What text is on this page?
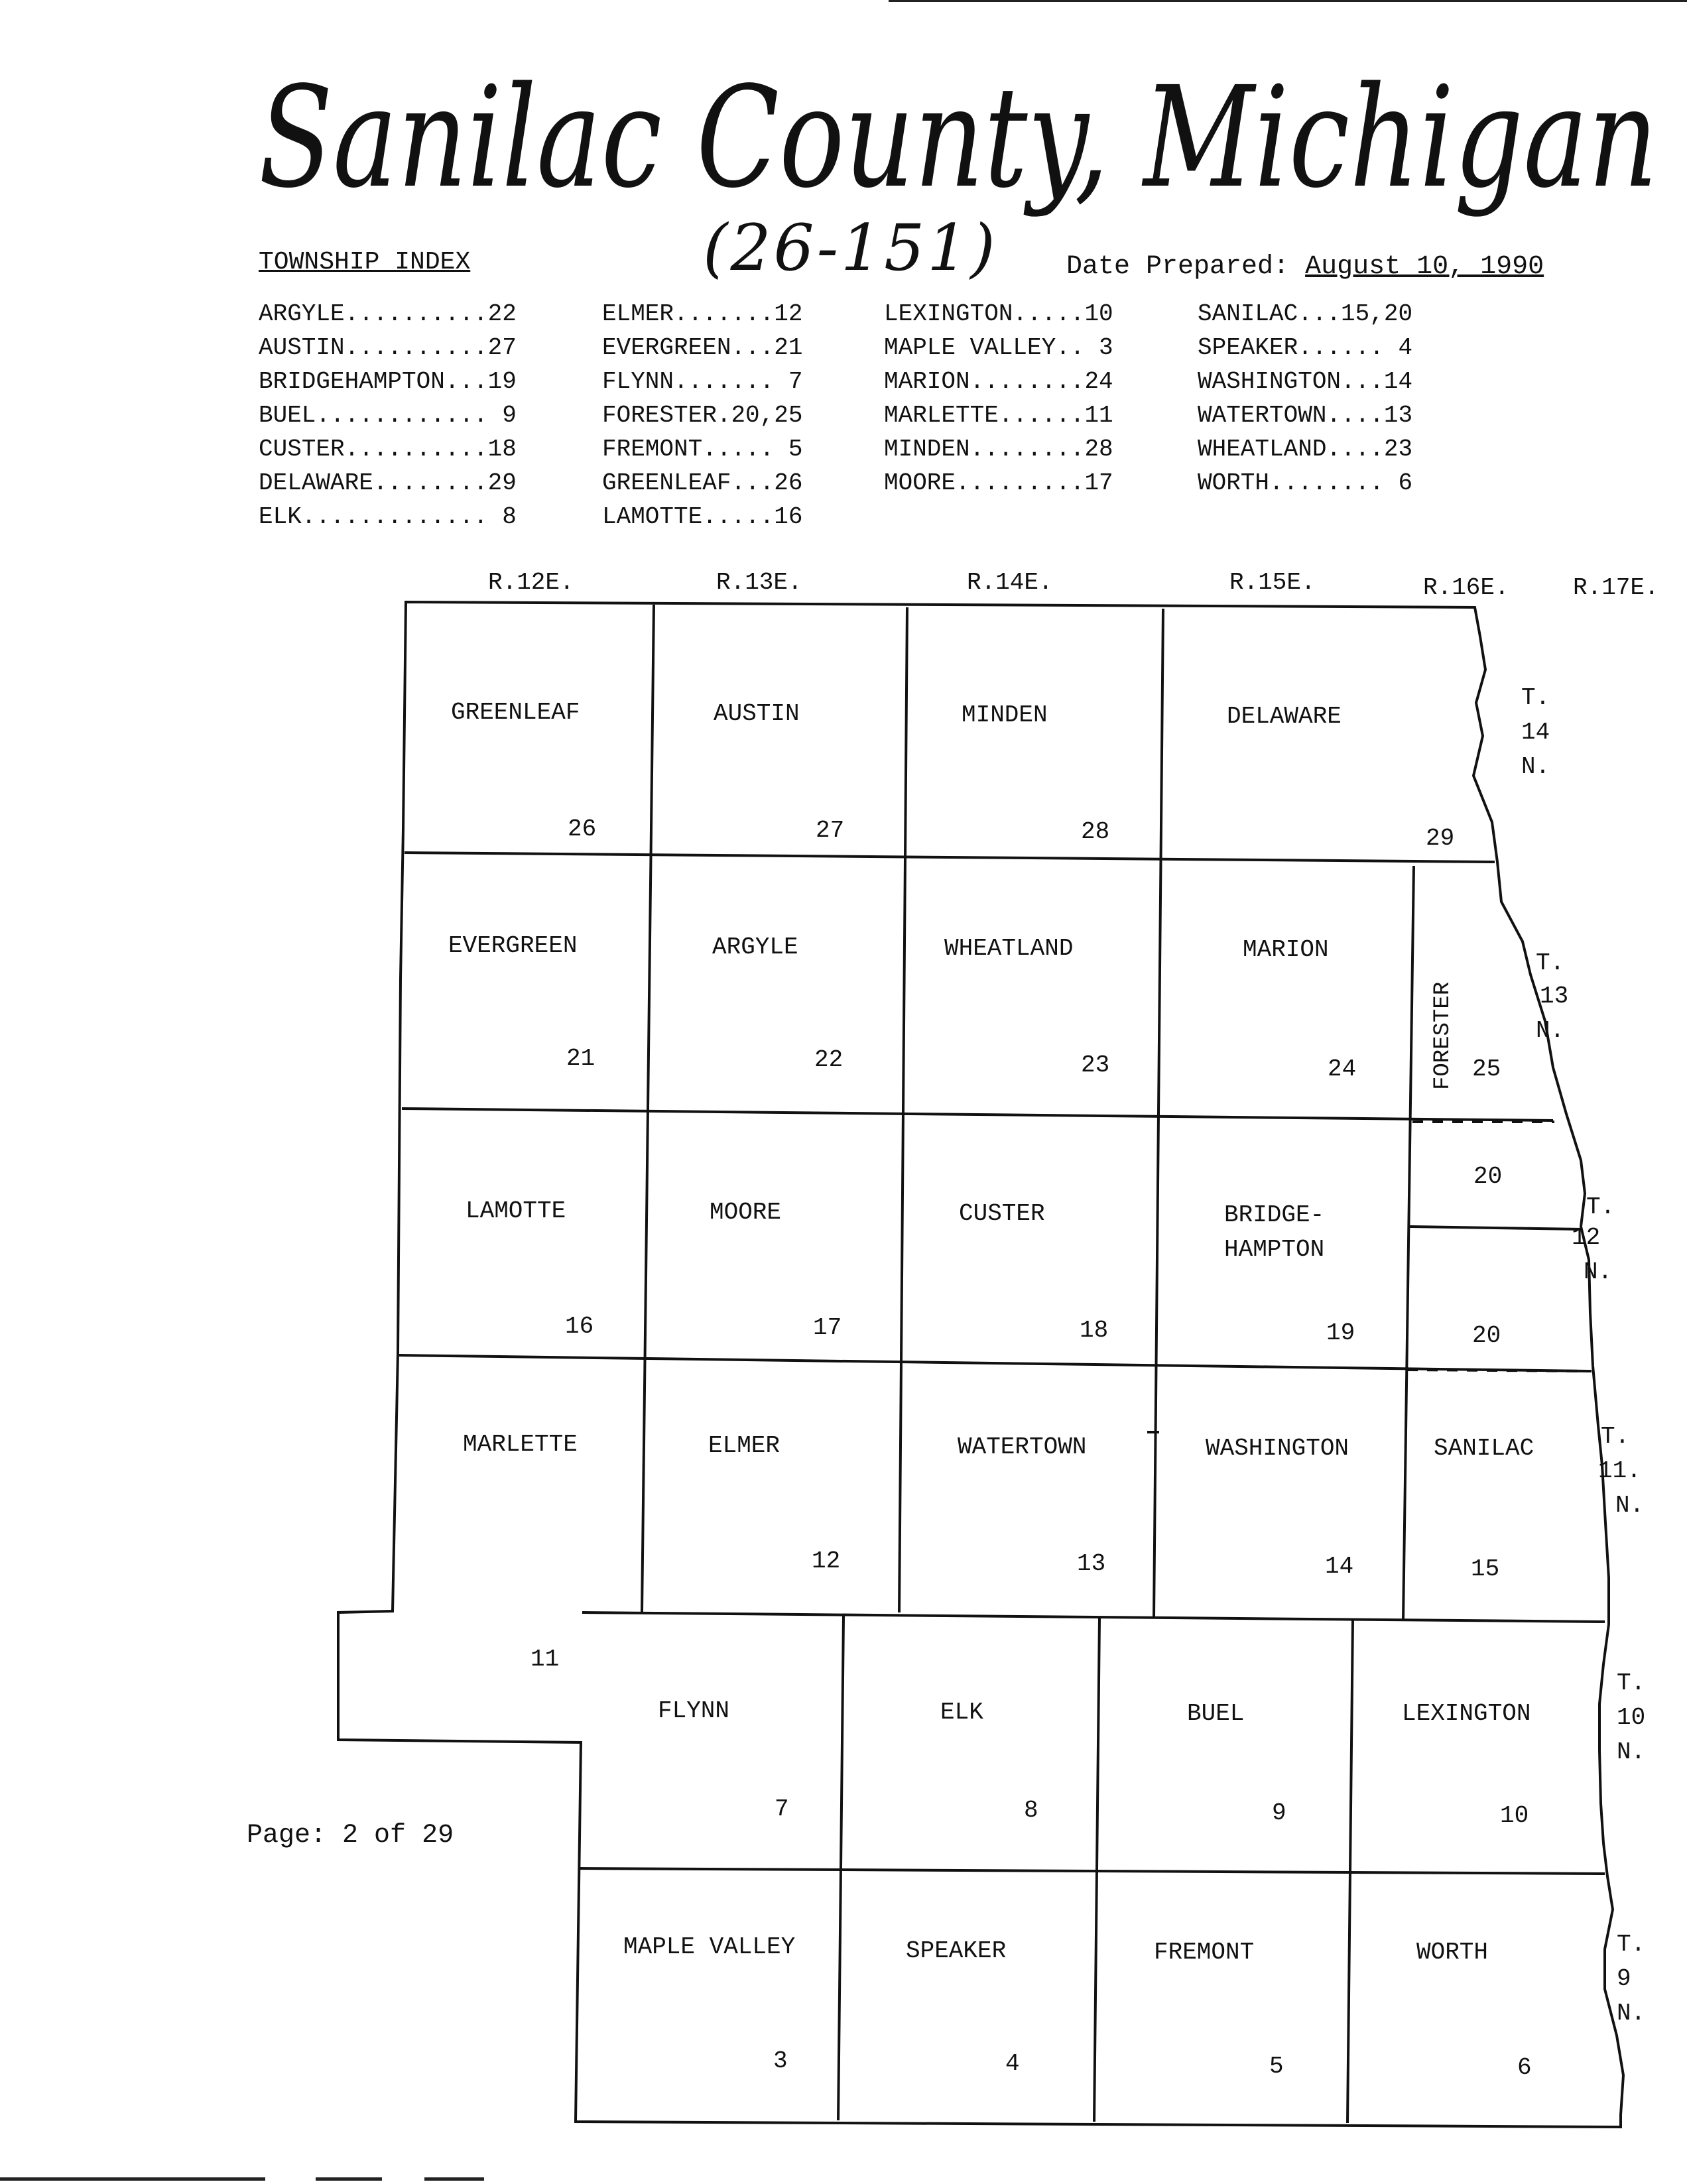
Sanilac County, Michigan
(26-151)
TOWNSHIP INDEX	Date Prepared: August 10, 1990
ARGYLE..........22
AUSTIN..........27
BRIDGEHAMPTON...19
BUEL............ 9
CUSTER..........18
DELAWARE........29
ELK............. 8
ELMER.......12
EVERGREEN...21
FLYNN....... 7
FORESTER.20,25
FREMONT..... 5
GREENLEAF...26
LAMOTTE.....16
LEXINGTON.....10
MAPLE VALLEY.. 3
MARION........24
MARLETTE......11
MINDEN........28
MOORE.........17
SANILAC...15,20
SPEAKER...... 4
WASHINGTON...14
WATERTOWN....13
WHEATLAND....23
WORTH........ 6
R.12E.	R.13E.	R.14E.	R.15E.	R.16E.	R.17E.
T.
14
N.
T.
13
N.
T.
12
N.
T.
11.
N.
T.
10
N.
T.
9
N.
GREENLEAF
26
AUSTIN
27
MINDEN
28
DELAWARE
29
EVERGREEN
21
ARGYLE
22
WHEATLAND
23
MARION
24	FORESTER 25
LAMOTTE
16
MOORE
17
CUSTER
18
BRIDGE-
HAMPTON
19
20
20
MARLETTE
11
ELMER
12
WATERTOWN
13
WASHINGTON
14
SANILAC
15
FLYNN
7
ELK
8
BUEL
9
LEXINGTON
10
MAPLE VALLEY
3
SPEAKER
4
FREMONT
5
WORTH
6
Page: 2 of 29
